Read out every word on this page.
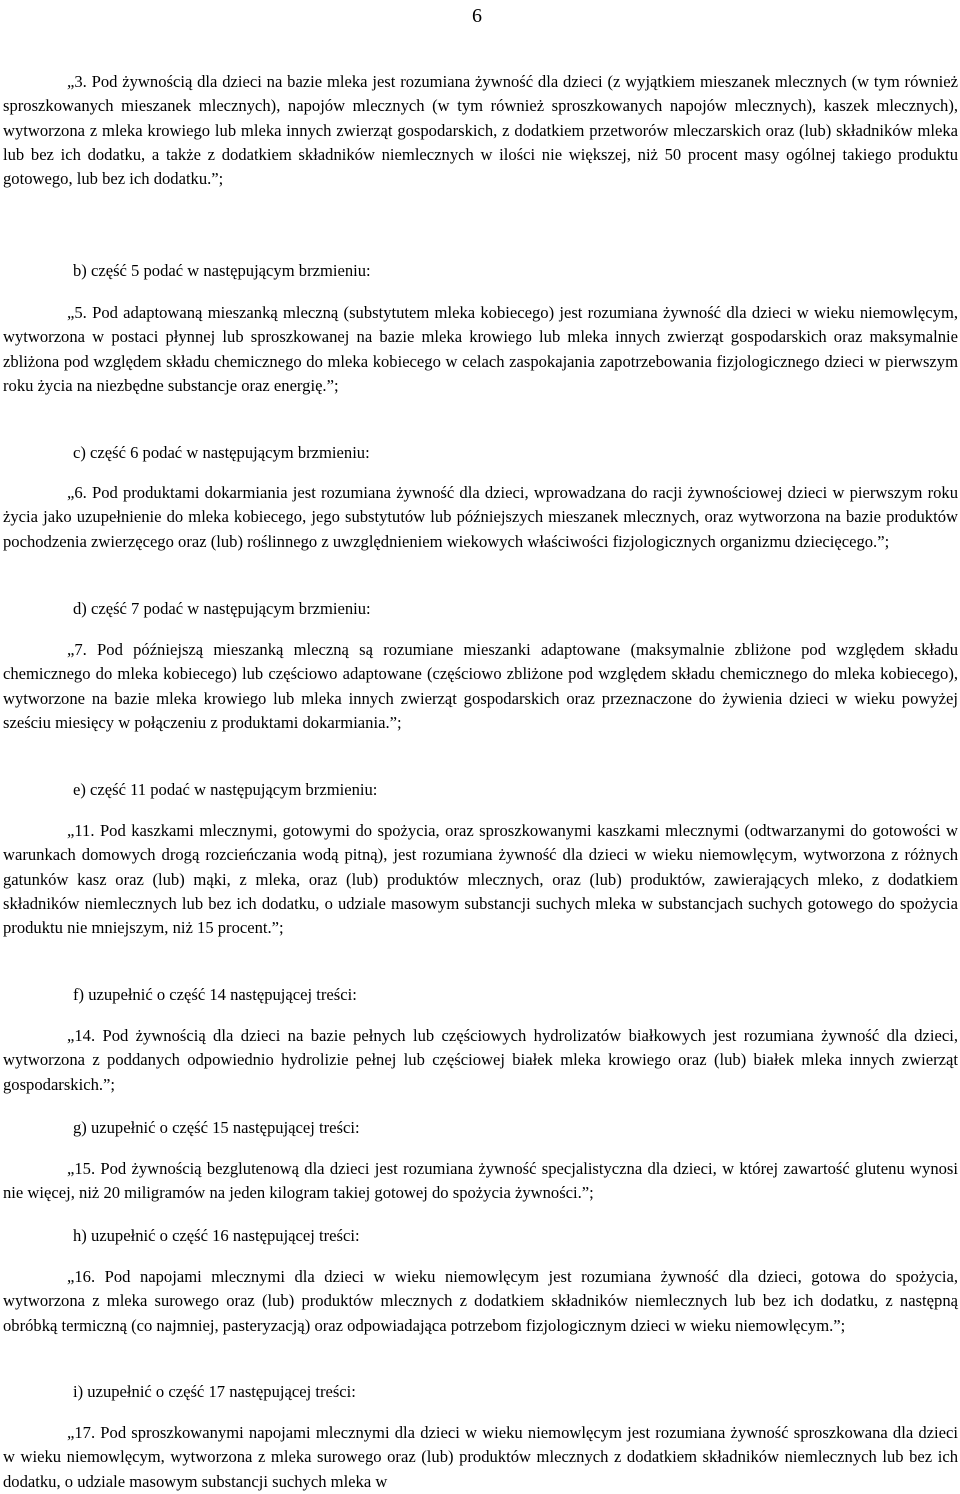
6

„3. Pod żywnością dla dzieci na bazie mleka jest rozumiana żywność dla dzieci (z wyjątkiem mieszanek mlecznych (w tym również sproszkowanych mieszanek mlecznych), napojów mlecznych (w tym również sproszkowanych napojów mlecznych), kaszek mlecznych), wytworzona z mleka krowiego lub mleka innych zwierząt gospodarskich, z dodatkiem przetworów mleczarskich oraz (lub) składników mleka lub bez ich dodatku, a także z dodatkiem składników niemlecznych w ilości nie większej, niż 50 procent masy ogólnej takiego produktu gotowego, lub bez ich dodatku.”;

b) część 5 podać w następującym brzmieniu:

„5. Pod adaptowaną mieszanką mleczną (substytutem mleka kobiecego) jest rozumiana żywność dla dzieci w wieku niemowlęcym, wytworzona w postaci płynnej lub sproszkowanej na bazie mleka krowiego lub mleka innych zwierząt gospodarskich oraz maksymalnie zbliżona pod względem składu chemicznego do mleka kobiecego w celach zaspokajania zapotrzebowania fizjologicznego dzieci w pierwszym roku życia na niezbędne substancje oraz energię.”;

c) część 6 podać w następującym brzmieniu:

„6. Pod produktami dokarmiania jest rozumiana żywność dla dzieci, wprowadzana do racji żywnościowej dzieci w pierwszym roku życia jako uzupełnienie do mleka kobiecego, jego substytutów lub późniejszych mieszanek mlecznych, oraz wytworzona na bazie produktów pochodzenia zwierzęcego oraz (lub) roślinnego z uwzględnieniem wiekowych właściwości fizjologicznych organizmu dziecięcego.”;

d) część 7 podać w następującym brzmieniu:

„7. Pod późniejszą mieszanką mleczną są rozumiane mieszanki adaptowane (maksymalnie zbliżone pod względem składu chemicznego do mleka kobiecego) lub częściowo adaptowane (częściowo zbliżone pod względem składu chemicznego do mleka kobiecego), wytworzone na bazie mleka krowiego lub mleka innych zwierząt gospodarskich oraz przeznaczone do żywienia dzieci w wieku powyżej sześciu miesięcy w połączeniu z produktami dokarmiania.”;

e) część 11 podać w następującym brzmieniu:

„11. Pod kaszkami mlecznymi, gotowymi do spożycia, oraz sproszkowanymi kaszkami mlecznymi (odtwarzanymi do gotowości w warunkach domowych drogą rozcieńczania wodą pitną), jest rozumiana żywność dla dzieci w wieku niemowlęcym, wytworzona z różnych gatunków kasz oraz (lub) mąki, z mleka, oraz (lub) produktów mlecznych, oraz (lub) produktów, zawierających mleko, z dodatkiem składników niemlecznych lub bez ich dodatku, o udziale masowym substancji suchych mleka w substancjach suchych gotowego do spożycia produktu nie mniejszym, niż 15 procent.”;

f) uzupełnić o część 14 następującej treści:

„14. Pod żywnością dla dzieci na bazie pełnych lub częściowych hydrolizatów białkowych jest rozumiana żywność dla dzieci, wytworzona z poddanych odpowiednio hydrolizie pełnej lub częściowej białek mleka krowiego oraz (lub) białek mleka innych zwierząt gospodarskich.”;

g) uzupełnić o część 15 następującej treści:

„15. Pod żywnością bezglutenową dla dzieci jest rozumiana żywność specjalistyczna dla dzieci, w której zawartość glutenu wynosi nie więcej, niż 20 miligramów na jeden kilogram takiej gotowej do spożycia żywności.”;

h) uzupełnić o część 16 następującej treści:

„16. Pod napojami mlecznymi dla dzieci w wieku niemowlęcym jest rozumiana żywność dla dzieci, gotowa do spożycia, wytworzona z mleka surowego oraz (lub) produktów mlecznych z dodatkiem składników niemlecznych lub bez ich dodatku, z następną obróbką termiczną (co najmniej, pasteryzacją) oraz odpowiadająca potrzebom fizjologicznym dzieci w wieku niemowlęcym.”;

i) uzupełnić o część 17 następującej treści:

„17. Pod sproszkowanymi napojami mlecznymi dla dzieci w wieku niemowlęcym jest rozumiana żywność sproszkowana dla dzieci w wieku niemowlęcym, wytworzona z mleka surowego oraz (lub) produktów mlecznych z dodatkiem składników niemlecznych lub bez ich dodatku, o udziale masowym substancji suchych mleka w
